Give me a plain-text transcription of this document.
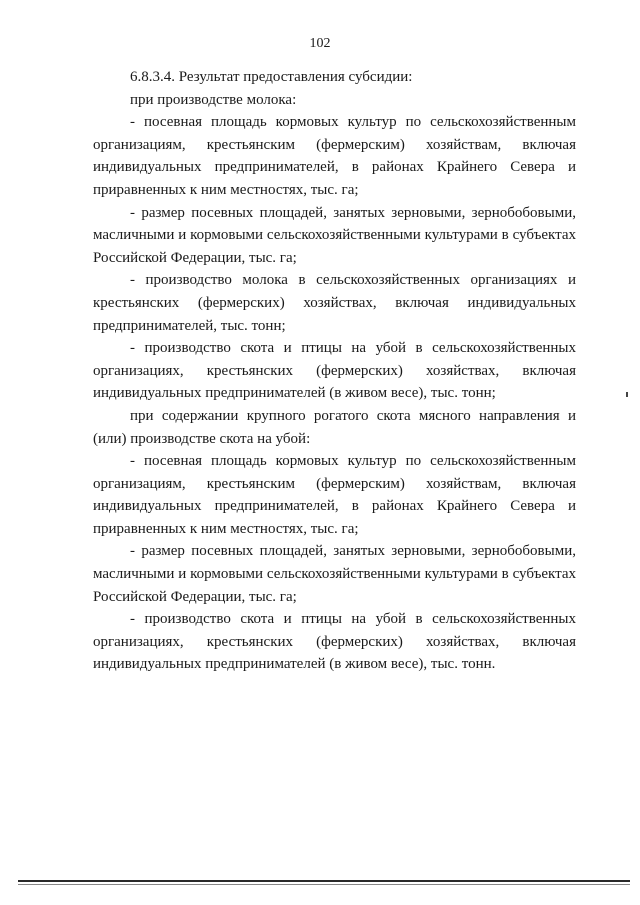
102

6.8.3.4. Результат предоставления субсидии:

при производстве молока:

- посевная площадь кормовых культур по сельскохозяйственным организациям, крестьянским (фермерским) хозяйствам, включая индивидуальных предпринимателей, в районах Крайнего Севера и приравненных к ним местностях, тыс. га;

- размер посевных площадей, занятых зерновыми, зернобобовыми, масличными и кормовыми сельскохозяйственными культурами в субъектах Российской Федерации, тыс. га;

- производство молока в сельскохозяйственных организациях и крестьянских (фермерских) хозяйствах, включая индивидуальных предпринимателей, тыс. тонн;

- производство скота и птицы на убой в сельскохозяйственных организациях, крестьянских (фермерских) хозяйствах, включая индивидуальных предпринимателей (в живом весе), тыс. тонн;

при содержании крупного рогатого скота мясного направления и (или) производстве скота на убой:

- посевная площадь кормовых культур по сельскохозяйственным организациям, крестьянским (фермерским) хозяйствам, включая индивидуальных предпринимателей, в районах Крайнего Севера и приравненных к ним местностях, тыс. га;

- размер посевных площадей, занятых зерновыми, зернобобовыми, масличными и кормовыми сельскохозяйственными культурами в субъектах Российской Федерации, тыс. га;

- производство скота и птицы на убой в сельскохозяйственных организациях, крестьянских (фермерских) хозяйствах, включая индивидуальных предпринимателей (в живом весе), тыс. тонн.
